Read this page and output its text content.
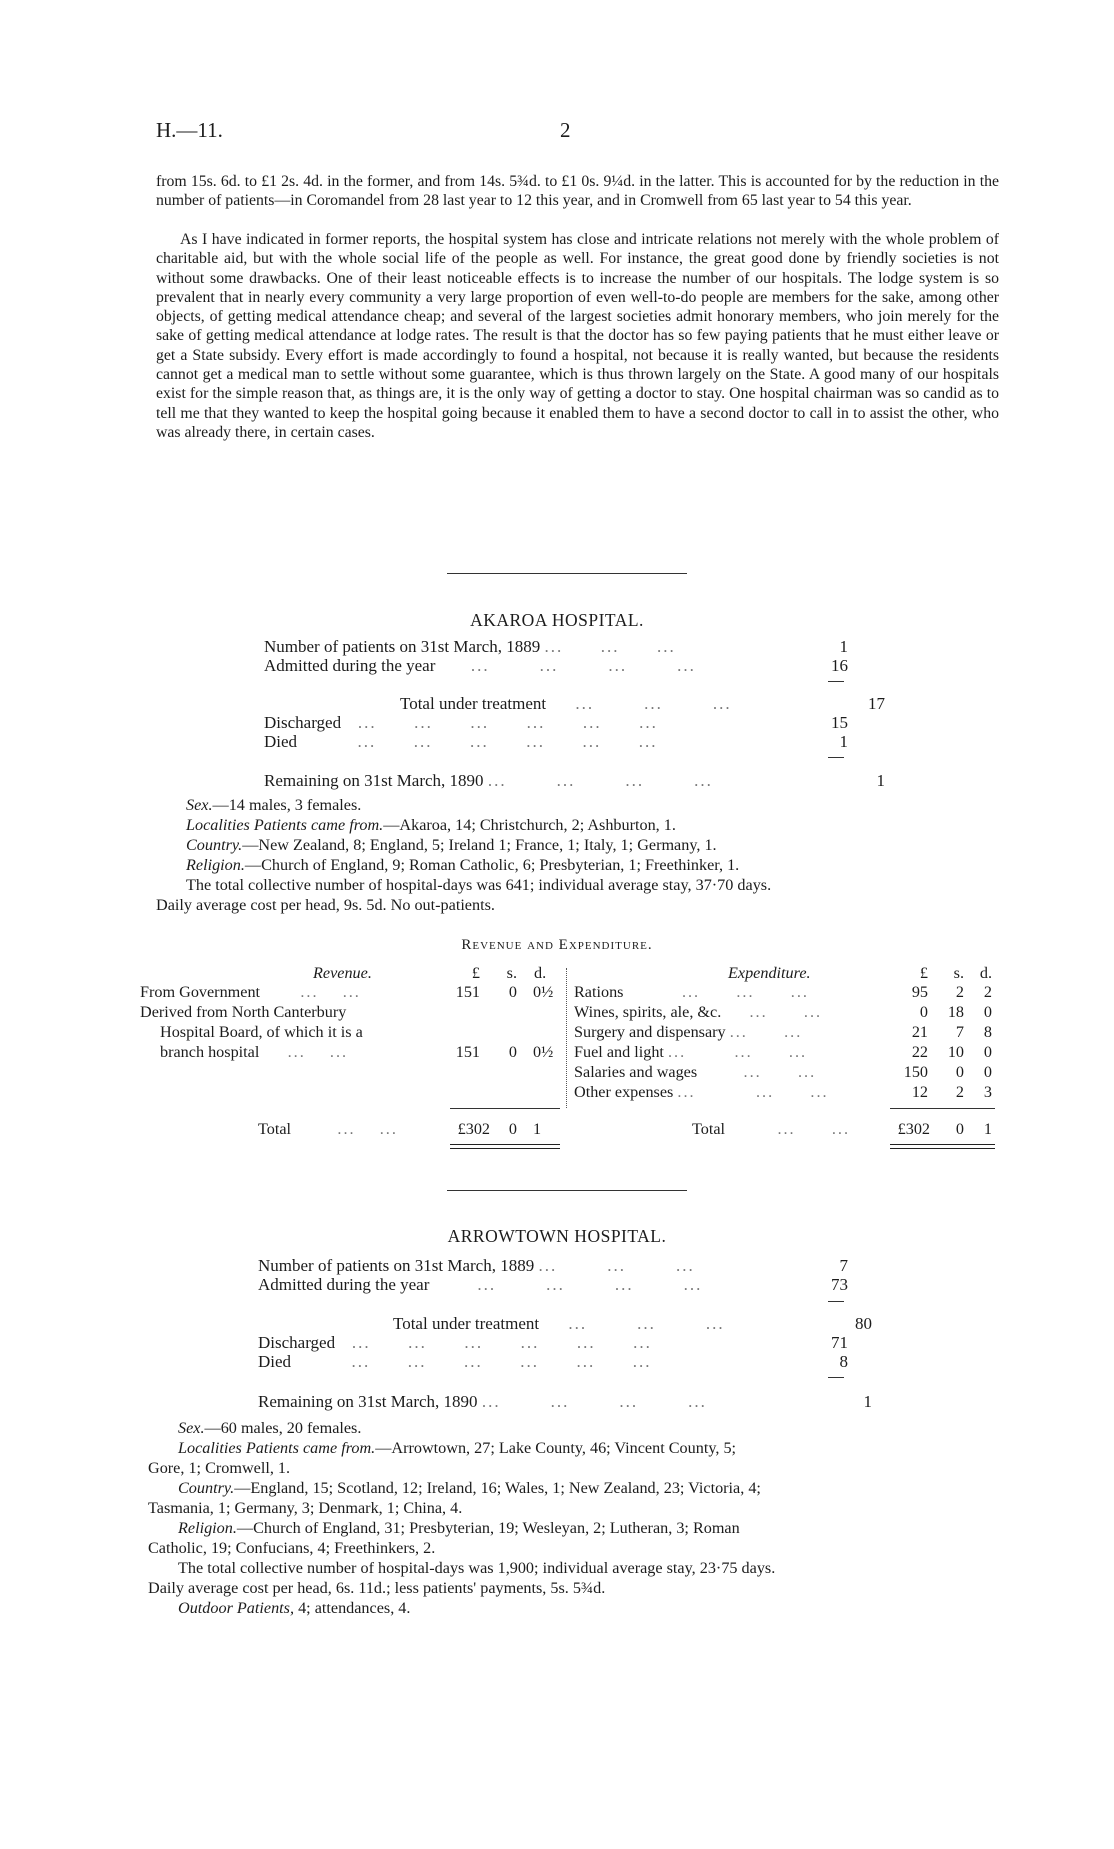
H.—11.	2

from 15s. 6d. to £1 2s. 4d. in the former, and from 14s. 5¾d. to £1 0s. 9¼d. in the latter. This is accounted for by the reduction in the number of patients—in Coromandel from 28 last year to 12 this year, and in Cromwell from 65 last year to 54 this year.

As I have indicated in former reports, the hospital system has close and intricate relations not merely with the whole problem of charitable aid, but with the whole social life of the people as well. For instance, the great good done by friendly societies is not without some drawbacks. One of their least noticeable effects is to increase the number of our hospitals. The lodge system is so prevalent that in nearly every community a very large proportion of even well-to-do people are members for the sake, among other objects, of getting medical attendance cheap; and several of the largest societies admit honorary members, who join merely for the sake of getting medical attendance at lodge rates. The result is that the doctor has so few paying patients that he must either leave or get a State subsidy. Every effort is made accordingly to found a hospital, not because it is really wanted, but because the residents cannot get a medical man to settle without some guarantee, which is thus thrown largely on the State. A good many of our hospitals exist for the simple reason that, as things are, it is the only way of getting a doctor to stay. One hospital chairman was so candid as to tell me that they wanted to keep the hospital going because it enabled them to have a second doctor to call in to assist the other, who was already there, in certain cases.

AKAROA HOSPITAL.
Number of patients on 31st March, 1889 ...      ...      ...	1
Admitted during the year      ...        ...        ...        ...	16
Total under treatment     ...        ...        ...	17
Discharged   ...      ...      ...      ...      ...      ...	15
Died          ...      ...      ...      ...      ...      ...	1
Remaining on 31st March, 1890 ...        ...        ...        ...	1
Sex.—14 males, 3 females.
Localities Patients came from.—Akaroa, 14; Christchurch, 2; Ashburton, 1.
Country.—New Zealand, 8; England, 5; Ireland 1; France, 1; Italy, 1; Germany, 1.
Religion.—Church of England, 9; Roman Catholic, 6; Presbyterian, 1; Freethinker, 1.
The total collective number of hospital-days was 641; individual average stay, 37·70 days.
Daily average cost per head, 9s. 5d. No out-patients.
Revenue and Expenditure.
Revenue.	£	s. d.
From Government       ...    ...	151	0 0½
Derived from North Canterbury
Hospital Board, of which it is a
branch hospital     ...    ...	151	0 0½
Expenditure.	£	s. d.
Rations          ...      ...      ...	95	2	2
Wines, spirits, ale, &c.     ...      ...	0	18	0
Surgery and dispensary ...      ...	21	7	8
Fuel and light ...        ...      ...	22	10	0
Salaries and wages        ...      ...	150	0	0
Other expenses ...          ...      ...	12	2	3
Total        ...    ...	£302	0 1	Total         ...      ...	£302	0	1
ARROWTOWN HOSPITAL.
Number of patients on 31st March, 1889 ...        ...        ...	7
Admitted during the year        ...        ...        ...        ...	73
Total under treatment     ...        ...        ...	80
Discharged   ...      ...      ...      ...      ...      ...	71
Died          ...      ...      ...      ...      ...      ...	8
Remaining on 31st March, 1890 ...        ...        ...        ...	1
Sex.—60 males, 20 females.
Localities Patients came from.—Arrowtown, 27; Lake County, 46; Vincent County, 5;
Gore, 1; Cromwell, 1.
Country.—England, 15; Scotland, 12; Ireland, 16; Wales, 1; New Zealand, 23; Victoria, 4;
Tasmania, 1; Germany, 3; Denmark, 1; China, 4.
Religion.—Church of England, 31; Presbyterian, 19; Wesleyan, 2; Lutheran, 3; Roman
Catholic, 19; Confucians, 4; Freethinkers, 2.
The total collective number of hospital-days was 1,900; individual average stay, 23·75 days.
Daily average cost per head, 6s. 11d.; less patients' payments, 5s. 5¾d.
Outdoor Patients, 4; attendances, 4.
